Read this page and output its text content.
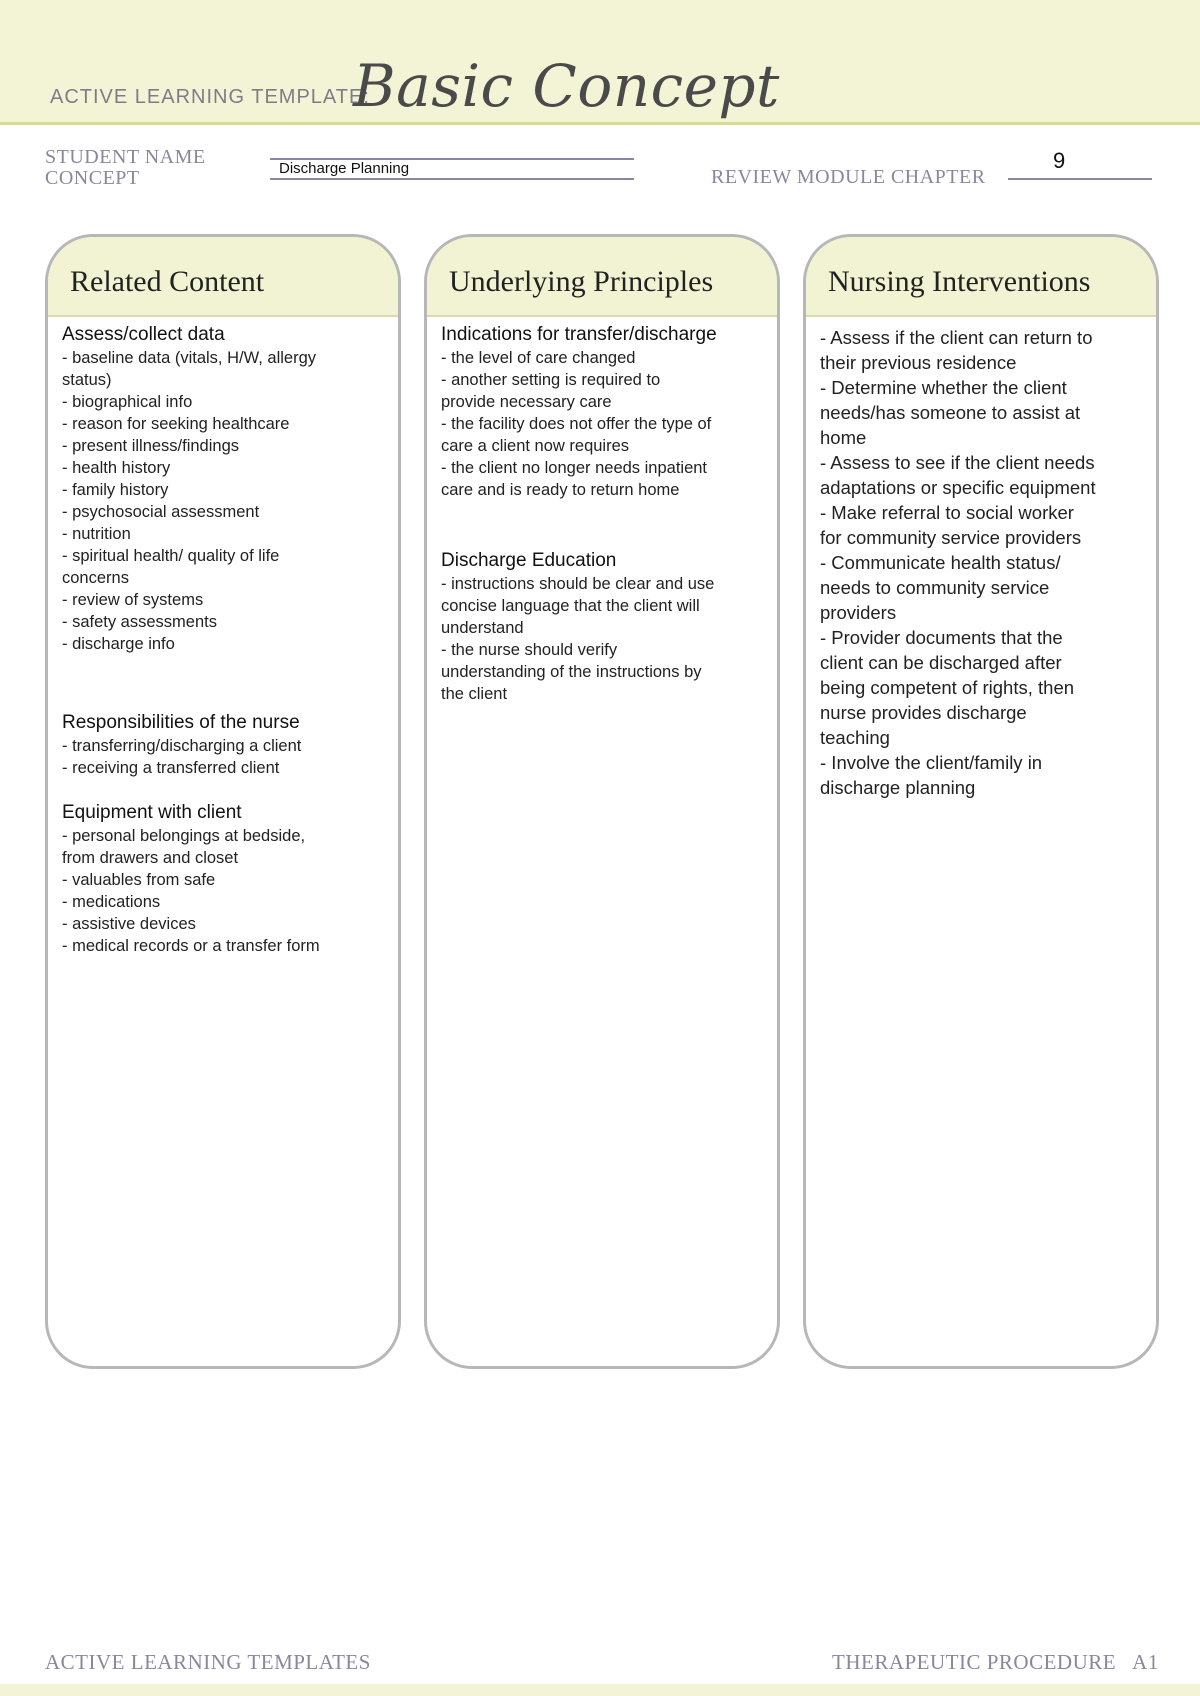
ACTIVE LEARNING TEMPLATE:
Basic Concept
STUDENT NAME
CONCEPT	Discharge Planning	REVIEW MODULE CHAPTER
9
Related Content
Assess/collect data
- baseline data (vitals, H/W, allergy
status)
- biographical info
- reason for seeking healthcare
- present illness/findings
- health history
- family history
- psychosocial assessment
- nutrition
- spiritual health/ quality of life
concerns
- review of systems
- safety assessments
- discharge info
Responsibilities of the nurse
- transferring/discharging a client
- receiving a transferred client
Equipment with client
- personal belongings at bedside,
from drawers and closet
- valuables from safe
- medications
- assistive devices
- medical records or a transfer form
Underlying Principles
Indications for transfer/discharge
- the level of care changed
- another setting is required to
provide necessary care
- the facility does not offer the type of
care a client now requires
- the client no longer needs inpatient
care and is ready to return home
Discharge Education
- instructions should be clear and use
concise language that the client will
understand
- the nurse should verify
understanding of the instructions by
the client
Nursing Interventions
- Assess if the client can return to
their previous residence
- Determine whether the client
needs/has someone to assist at
home
- Assess to see if the client needs
adaptations or specific equipment
- Make referral to social worker
for community service providers
- Communicate health status/
needs to community service
providers
- Provider documents that the
client can be discharged after
being competent of rights, then
nurse provides discharge
teaching
- Involve the client/family in
discharge planning
ACTIVE LEARNING TEMPLATES	THERAPEUTIC PROCEDURE   A1
